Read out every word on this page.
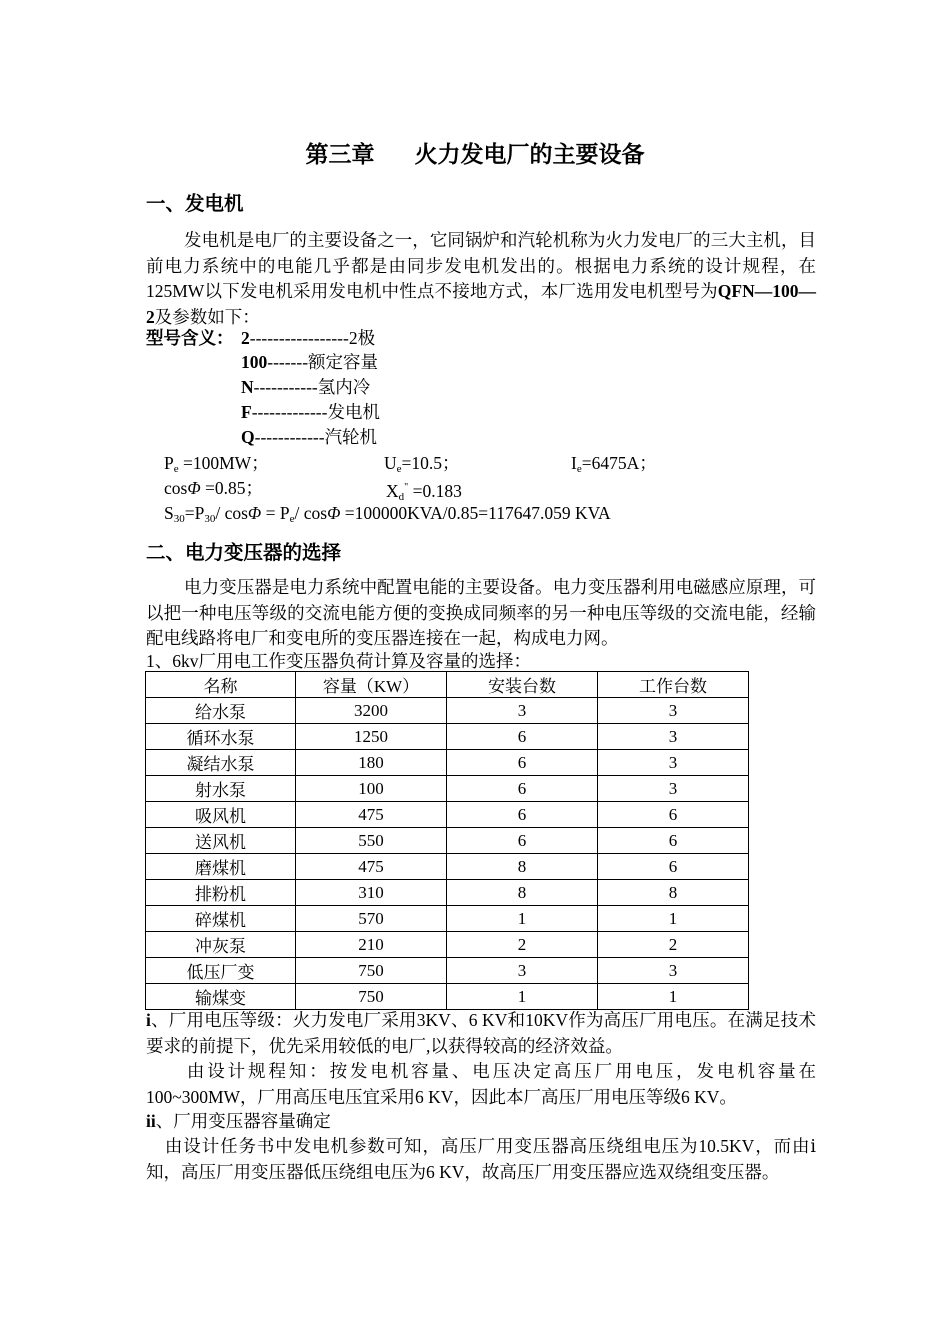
第三章 火力发电厂的主要设备
一、发电机
发电机是电厂的主要设备之一，它同锅炉和汽轮机称为火力发电厂的三大主机，目前电力系统中的电能几乎都是由同步发电机发出的。根据电力系统的设计规程，在125MW以下发电机采用发电机中性点不接地方式，本厂选用发电机型号为QFN—100—2及参数如下：
型号含义： 2-----------------2极
100-------额定容量
N-----------氢内冷
F-------------发电机
Q------------汽轮机
$P_e =100MW$；	$U_e=10.5$；	$I_e=6475A$；
cosΦ =0.85；	$X_d^" =0.183$
$S_{30}=P_{30}/$ $\cos\Phi = P_e/$ cosΦ =100000KVA/0.85=117647.059 KVA
二、电力变压器的选择
电力变压器是电力系统中配置电能的主要设备。电力变压器利用电磁感应原理，可以把一种电压等级的交流电能方便的变换成同频率的另一种电压等级的交流电能，经输配电线路将电厂和变电所的变压器连接在一起，构成电力网。
1、6kv厂用电工作变压器负荷计算及容量的选择：
名称	容量（KW）	安装台数	工作台数
给水泵	3200	3	3
循环水泵	1250	6	3
凝结水泵	180	6	3
射水泵	100	6	3
吸风机	475	6	6
送风机	550	6	6
磨煤机	475	8	6
排粉机	310	8	8
碎煤机	570	1	1
冲灰泵	210	2	2
低压厂变	750	3	3
输煤变	750	1	1
i、厂用电压等级：火力发电厂采用3KV、6 KV和10KV作为高压厂用电压。在满足技术要求的前提下，优先采用较低的电厂,以获得较高的经济效益。
由设计规程知：按发电机容量、电压决定高压厂用电压，发电机容量在100~300MW，厂用高压电压宜采用6 KV，因此本厂高压厂用电压等级6 KV。
ii、厂用变压器容量确定
由设计任务书中发电机参数可知，高压厂用变压器高压绕组电压为10.5KV，而由ⅰ知，高压厂用变压器低压绕组电压为6 KV，故高压厂用变压器应选双绕组变压器。
